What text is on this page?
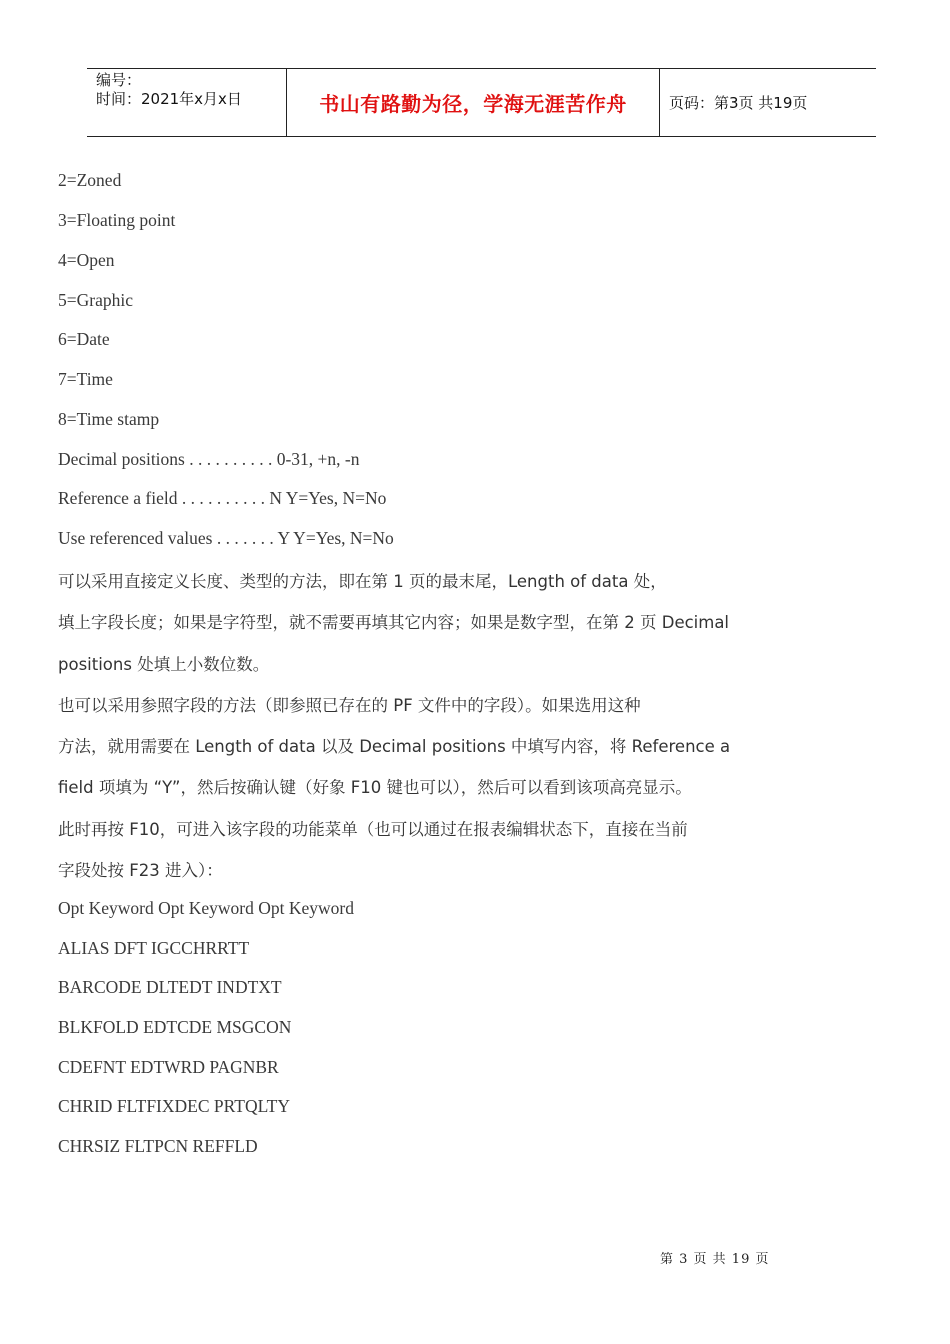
编号：
时间：2021年x月x日	书山有路勤为径，学海无涯苦作舟	页码：第3页 共19页
2=Zoned
3=Floating point
4=Open
5=Graphic
6=Date
7=Time
8=Time stamp
Decimal positions . . . . . . . . . . 0-31, +n, -n
Reference a field . . . . . . . . . . N Y=Yes, N=No
Use referenced values . . . . . . . Y Y=Yes, N=No
可以采用直接定义长度、类型的方法，即在第 1 页的最末尾，Length of data 处，
填上字段长度；如果是字符型，就不需要再填其它内容；如果是数字型，在第 2 页 Decimal
positions 处填上小数位数。
也可以采用参照字段的方法（即参照已存在的 PF 文件中的字段）。如果选用这种
方法，就用需要在 Length of data 以及 Decimal positions 中填写内容，将 Reference a
field 项填为 “Y”，然后按确认键（好象 F10 键也可以），然后可以看到该项高亮显示。
此时再按 F10，可进入该字段的功能菜单（也可以通过在报表编辑状态下，直接在当前
字段处按 F23 进入）：
Opt Keyword Opt Keyword Opt Keyword
ALIAS DFT IGCCHRRTT
BARCODE DLTEDT INDTXT
BLKFOLD EDTCDE MSGCON
CDEFNT EDTWRD PAGNBR
CHRID FLTFIXDEC PRTQLTY
CHRSIZ FLTPCN REFFLD
第 3 页 共 19 页
